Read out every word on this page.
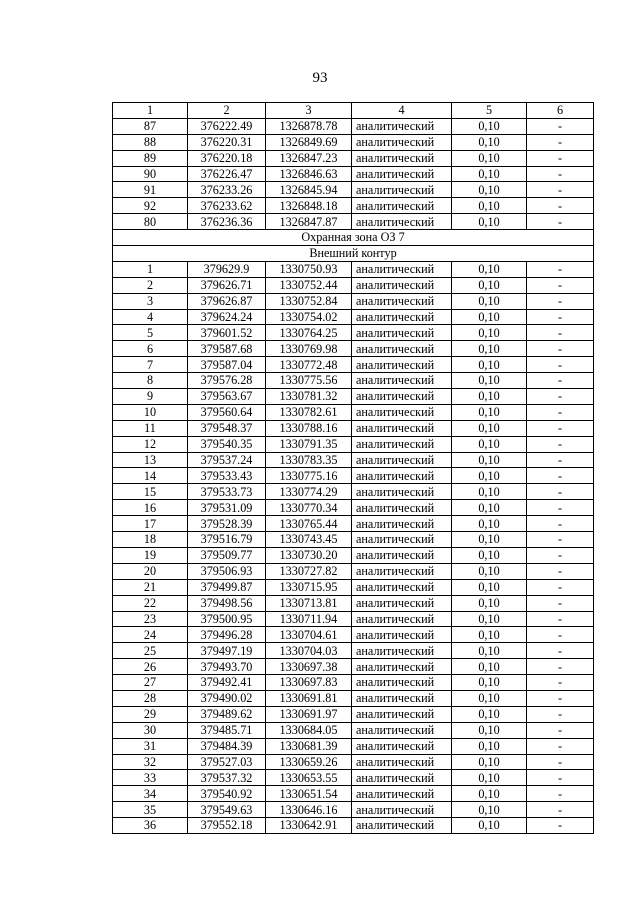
93
1	2	3	4	5	6
87	376222.49	1326878.78	аналитический	0,10	-
88	376220.31	1326849.69	аналитический	0,10	-
89	376220.18	1326847.23	аналитический	0,10	-
90	376226.47	1326846.63	аналитический	0,10	-
91	376233.26	1326845.94	аналитический	0,10	-
92	376233.62	1326848.18	аналитический	0,10	-
80	376236.36	1326847.87	аналитический	0,10	-
Охранная зона ОЗ 7					
Внешний контур					
1	379629.9	1330750.93	аналитический	0,10	-
2	379626.71	1330752.44	аналитический	0,10	-
3	379626.87	1330752.84	аналитический	0,10	-
4	379624.24	1330754.02	аналитический	0,10	-
5	379601.52	1330764.25	аналитический	0,10	-
6	379587.68	1330769.98	аналитический	0,10	-
7	379587.04	1330772.48	аналитический	0,10	-
8	379576.28	1330775.56	аналитический	0,10	-
9	379563.67	1330781.32	аналитический	0,10	-
10	379560.64	1330782.61	аналитический	0,10	-
11	379548.37	1330788.16	аналитический	0,10	-
12	379540.35	1330791.35	аналитический	0,10	-
13	379537.24	1330783.35	аналитический	0,10	-
14	379533.43	1330775.16	аналитический	0,10	-
15	379533.73	1330774.29	аналитический	0,10	-
16	379531.09	1330770.34	аналитический	0,10	-
17	379528.39	1330765.44	аналитический	0,10	-
18	379516.79	1330743.45	аналитический	0,10	-
19	379509.77	1330730.20	аналитический	0,10	-
20	379506.93	1330727.82	аналитический	0,10	-
21	379499.87	1330715.95	аналитический	0,10	-
22	379498.56	1330713.81	аналитический	0,10	-
23	379500.95	1330711.94	аналитический	0,10	-
24	379496.28	1330704.61	аналитический	0,10	-
25	379497.19	1330704.03	аналитический	0,10	-
26	379493.70	1330697.38	аналитический	0,10	-
27	379492.41	1330697.83	аналитический	0,10	-
28	379490.02	1330691.81	аналитический	0,10	-
29	379489.62	1330691.97	аналитический	0,10	-
30	379485.71	1330684.05	аналитический	0,10	-
31	379484.39	1330681.39	аналитический	0,10	-
32	379527.03	1330659.26	аналитический	0,10	-
33	379537.32	1330653.55	аналитический	0,10	-
34	379540.92	1330651.54	аналитический	0,10	-
35	379549.63	1330646.16	аналитический	0,10	-
36	379552.18	1330642.91	аналитический	0,10	-
